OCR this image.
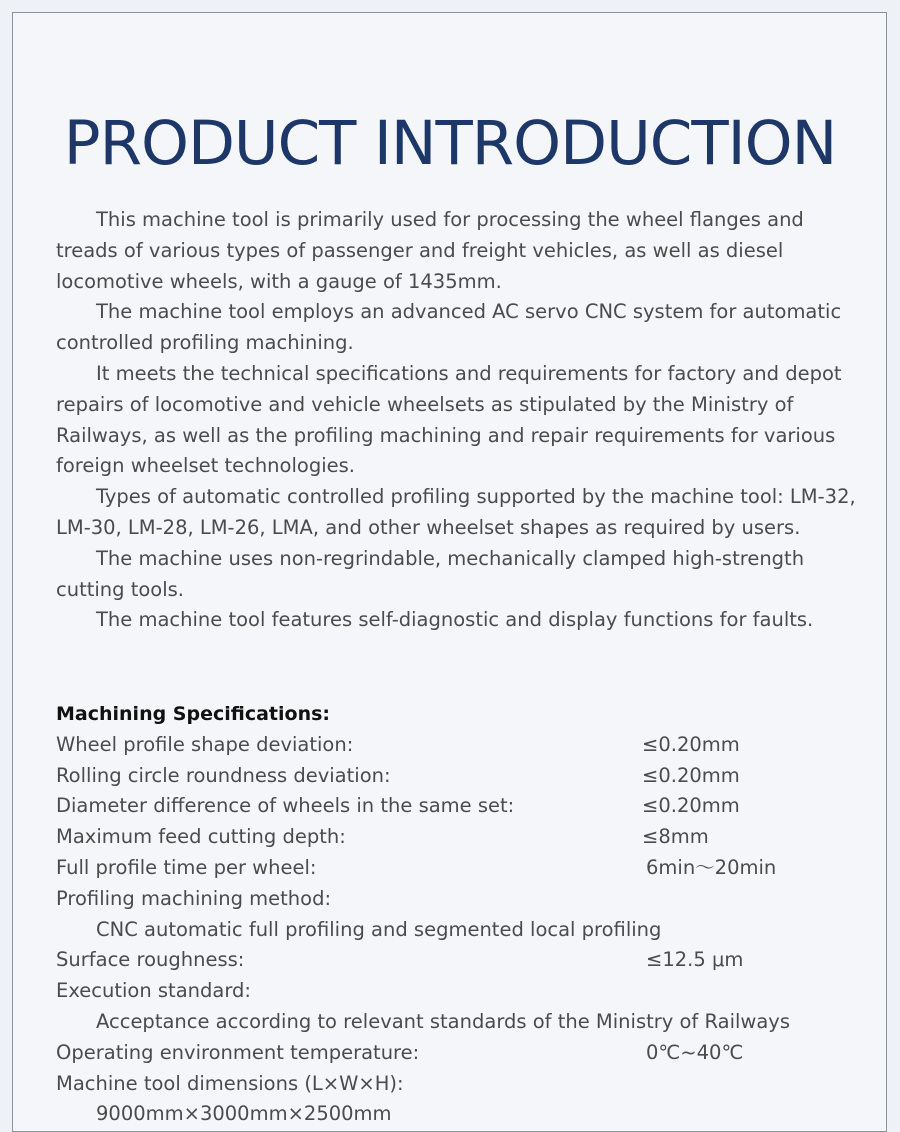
PRODUCT INTRODUCTION

This machine tool is primarily used for processing the wheel flanges and treads of various types of passenger and freight vehicles, as well as diesel locomotive wheels, with a gauge of 1435mm.

The machine tool employs an advanced AC servo CNC system for automatic controlled profiling machining.

It meets the technical specifications and requirements for factory and depot repairs of locomotive and vehicle wheelsets as stipulated by the Ministry of Railways, as well as the profiling machining and repair requirements for various foreign wheelset technologies.

Types of automatic controlled profiling supported by the machine tool: LM-32, LM-30, LM-28, LM-26, LMA, and other wheelset shapes as required by users.

The machine uses non-regrindable, mechanically clamped high-strength cutting tools.

The machine tool features self-diagnostic and display functions for faults.

Machining Specifications:
Wheel profile shape deviation:	≤0.20mm
Rolling circle roundness deviation:	≤0.20mm
Diameter difference of wheels in the same set:	≤0.20mm
Maximum feed cutting depth:	≤8mm
Full profile time per wheel:	6min～20min
Profiling machining method:
CNC automatic full profiling and segmented local profiling
Surface roughness:	≤12.5 μm
Execution standard:
Acceptance according to relevant standards of the Ministry of Railways
Operating environment temperature:	0℃~40℃
Machine tool dimensions (L×W×H):
9000mm×3000mm×2500mm
